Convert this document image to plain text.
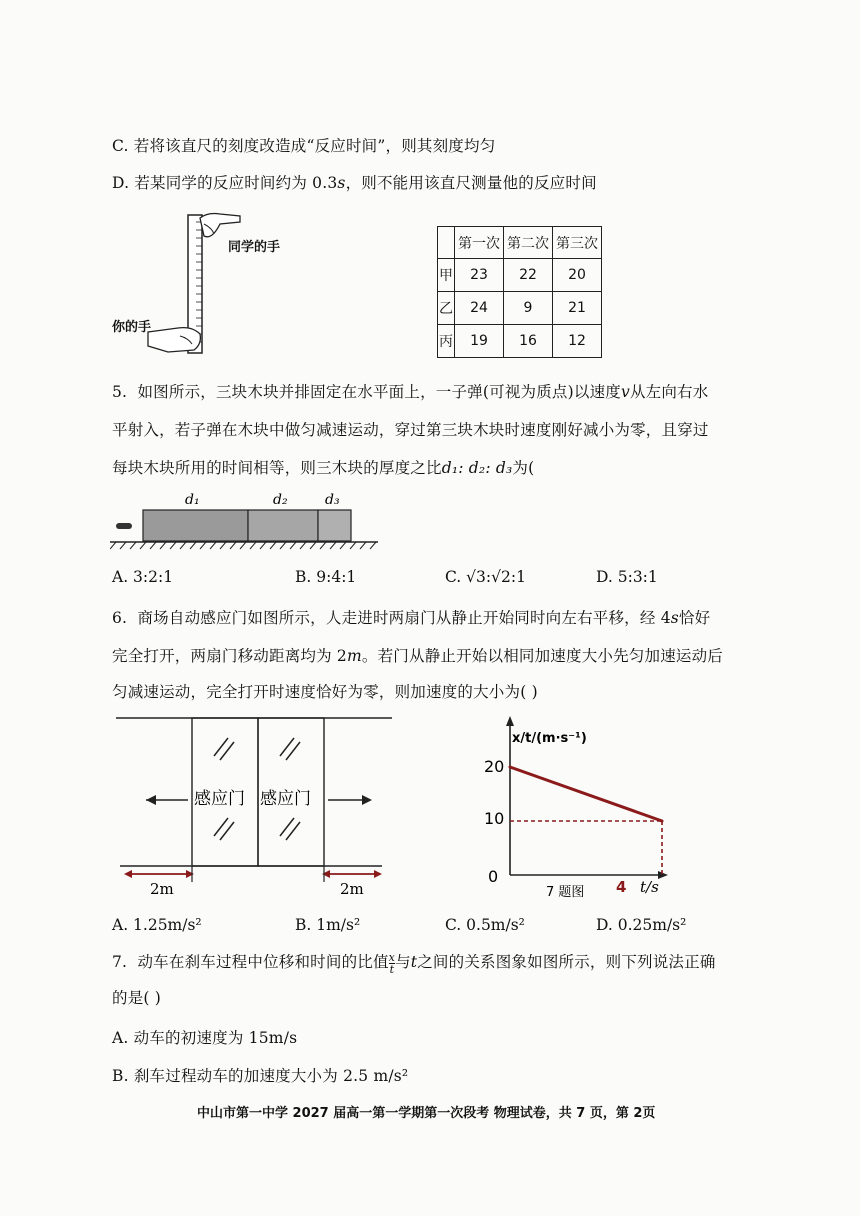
C. 若将该直尺的刻度改造成“反应时间”，则其刻度均匀
D. 若某同学的反应时间约为 0.3s，则不能用该直尺测量他的反应时间
同学的手
你的手
	第一次	第二次	第三次
甲	23	22	20
乙	24	9	21
丙	19	16	12
5. 如图所示，三块木块并排固定在水平面上，一子弹(可视为质点)以速度v从左向右水
平射入，若子弹在木块中做匀减速运动，穿过第三块木块时速度刚好减小为零，且穿过
每块木块所用的时间相等，则三木块的厚度之比d₁: d₂: d₃为(
d₁	d₂	d₃
A. 3:2:1	B. 9:4:1	C. √3:√2:1	D. 5:3:1
6. 商场自动感应门如图所示，人走进时两扇门从静止开始同时向左右平移，经 4s恰好
完全打开，两扇门移动距离均为 2m。若门从静止开始以相同加速度大小先匀加速运动后
匀减速运动，完全打开时速度恰好为零，则加速度的大小为( )
感应门 感应门
2m	2m
x/t/(m·s⁻¹)
20
10
0
4 t/s
7 题图
A. 1.25m/s²	B. 1m/s²	C. 0.5m/s²	D. 0.25m/s²
7. 动车在刹车过程中位移和时间的比值 $\frac{x}{t}$ 与t之间的关系图象如图所示，则下列说法正确
的是( )
A. 动车的初速度为 15m/s
B. 刹车过程动车的加速度大小为 2.5 m/s²
中山市第一中学 2027 届高一第一学期第一次段考 物理试卷，共 7 页，第 2页
